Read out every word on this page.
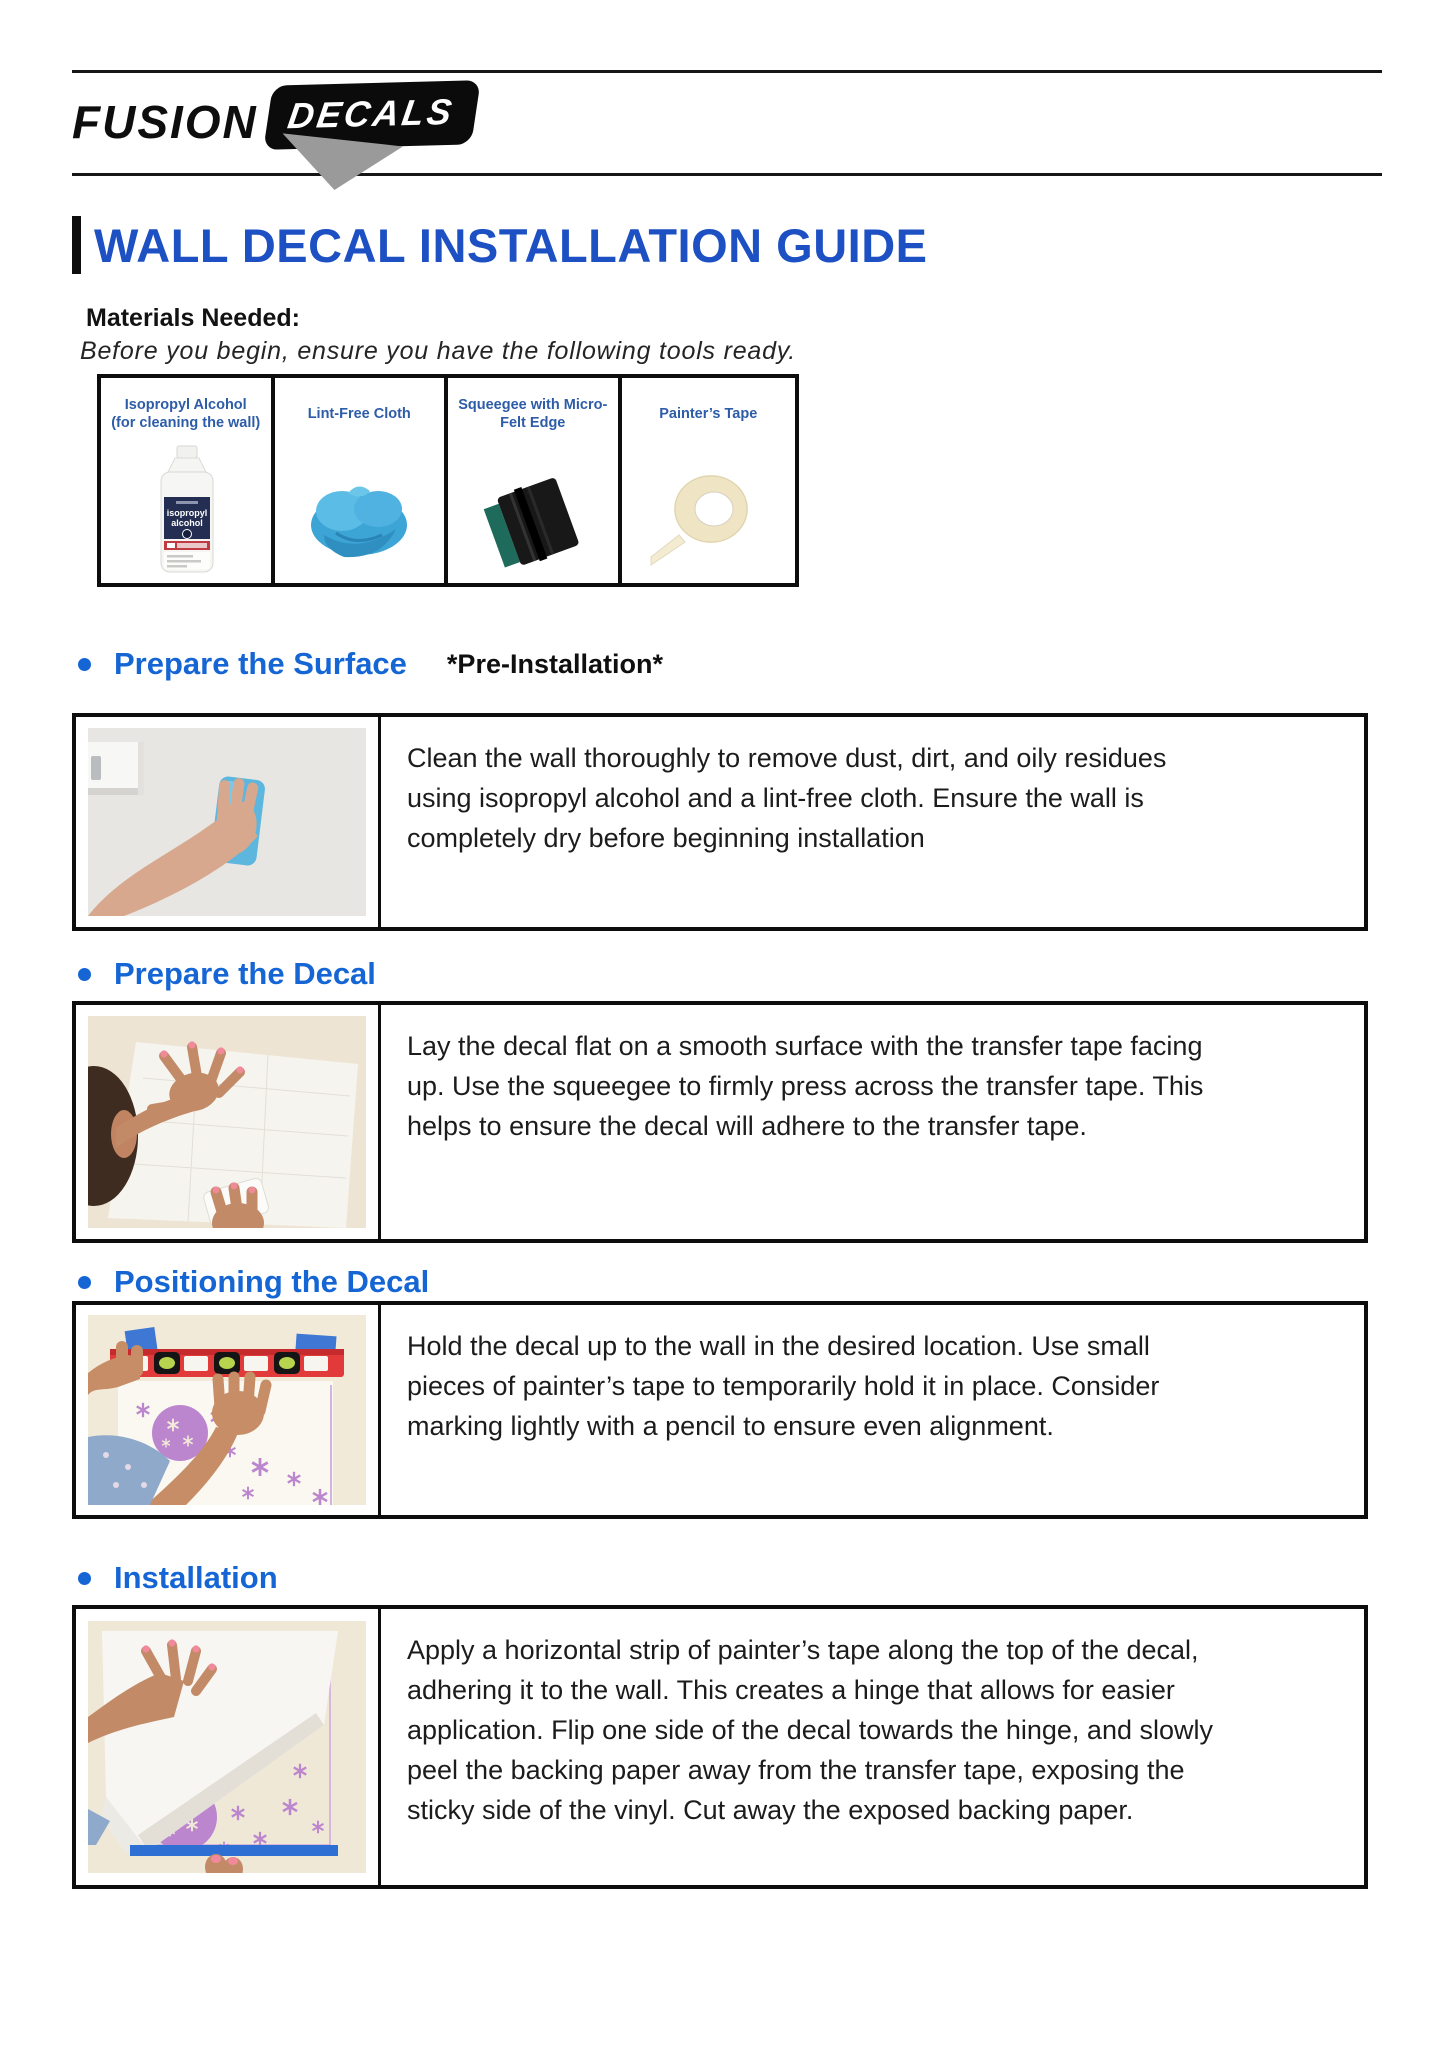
FUSION DECALS
WALL DECAL INSTALLATION GUIDE
Materials Needed:
Before you begin, ensure you have the following tools ready.
Isopropyl Alcohol (for cleaning the wall)
isopropyl
alcohol
Lint-Free Cloth
Squeegee with Micro-Felt Edge
Painter’s Tape
Prepare the Surface *Pre-Installation*
Clean the wall thoroughly to remove dust, dirt, and oily residues using isopropyl alcohol and a lint-free cloth. Ensure the wall is completely dry before beginning installation
Prepare the Decal
Lay the decal flat on a smooth surface with the transfer tape facing up. Use the squeegee to firmly press across the transfer tape. This helps to ensure the decal will adhere to the transfer tape.
Positioning the Decal
Hold the decal up to the wall in the desired location. Use small pieces of painter’s tape to temporarily hold it in place. Consider marking lightly with a pencil to ensure even alignment.
Installation
Apply a horizontal strip of painter’s tape along the top of the decal, adhering it to the wall. This creates a hinge that allows for easier application. Flip one side of the decal towards the hinge, and slowly peel the backing paper away from the transfer tape, exposing the sticky side of the vinyl. Cut away the exposed backing paper.
